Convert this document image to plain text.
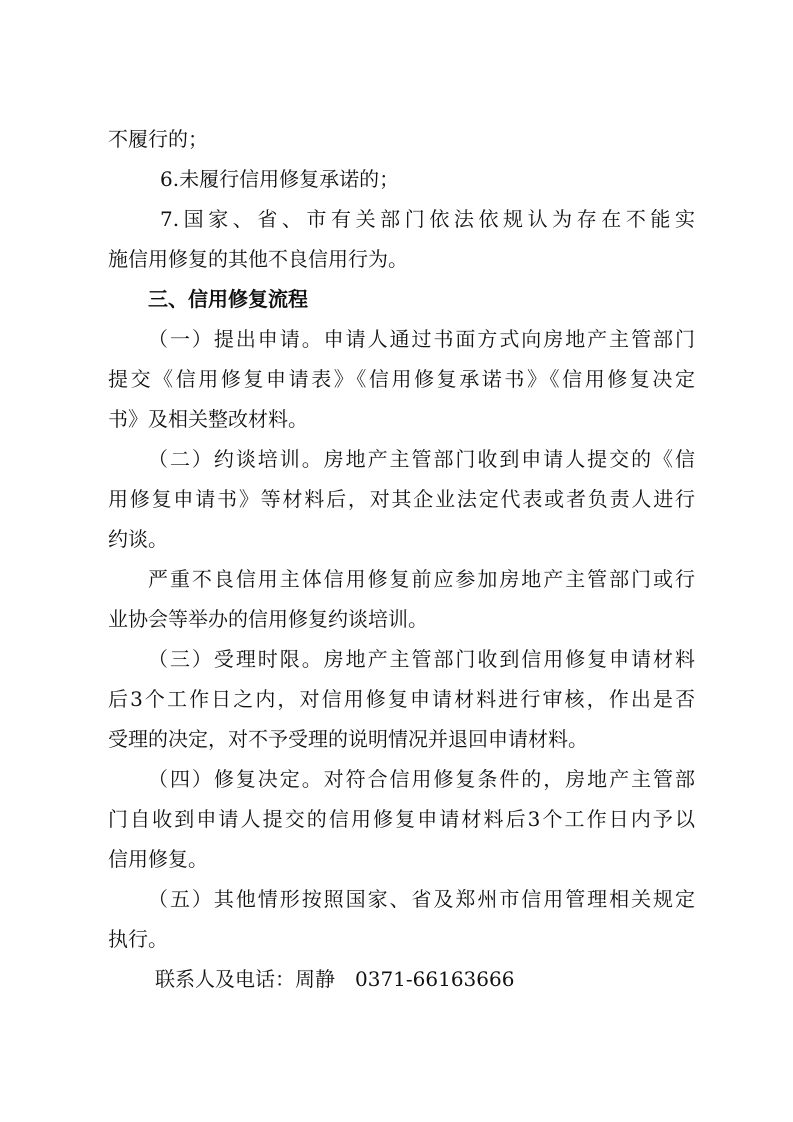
不履行的；
6.未履行信用修复承诺的；
7.国家、省、市有关部门依法依规认为存在不能实
施信用修复的其他不良信用行为。
三、信用修复流程
（一）提出申请。申请人通过书面方式向房地产主管部门
提交《信用修复申请表》《信用修复承诺书》《信用修复决定
书》及相关整改材料。
（二）约谈培训。房地产主管部门收到申请人提交的《信
用修复申请书》等材料后，对其企业法定代表或者负责人进行
约谈。
严重不良信用主体信用修复前应参加房地产主管部门或行
业协会等举办的信用修复约谈培训。
（三）受理时限。房地产主管部门收到信用修复申请材料
后3个工作日之内，对信用修复申请材料进行审核，作出是否
受理的决定，对不予受理的说明情况并退回申请材料。
（四）修复决定。对符合信用修复条件的，房地产主管部
门自收到申请人提交的信用修复申请材料后3个工作日内予以
信用修复。
（五）其他情形按照国家、省及郑州市信用管理相关规定
执行。
联系人及电话：周静　0371-66163666
